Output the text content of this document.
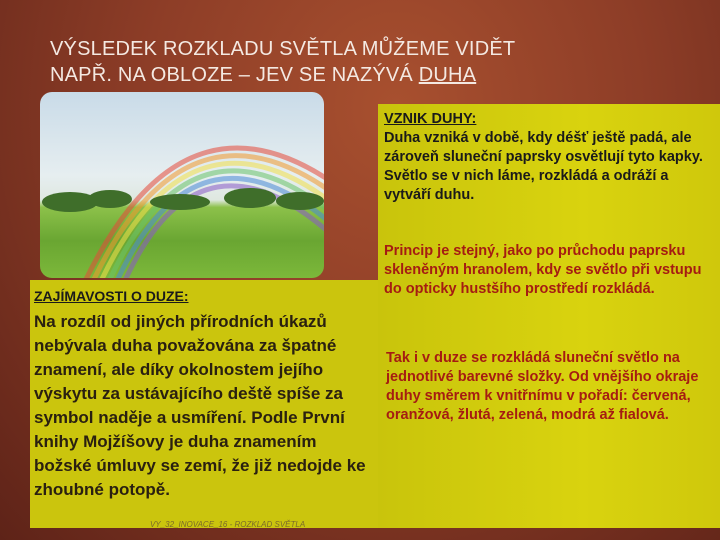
VÝSLEDEK ROZKLADU SVĚTLA MŮŽEME VIDĚT
NAPŘ. NA OBLOZE – JEV SE NAZÝVÁ DUHA
VZNIK DUHY:
Duha vzniká v době, kdy déšť ještě padá, ale zároveň sluneční paprsky osvětlují tyto kapky. Světlo se v nich láme, rozkládá a odráží a vytváří duhu.
Princip je stejný, jako po průchodu paprsku skleněným hranolem, kdy se světlo při vstupu do opticky hustšího prostředí rozkládá.
Tak i v duze se rozkládá sluneční světlo na jednotlivé barevné složky. Od vnějšího okraje duhy směrem k vnitřnímu v pořadí: červená, oranžová, žlutá, zelená, modrá až fialová.
ZAJÍMAVOSTI O DUZE:
Na rozdíl od jiných přírodních úkazů nebývala duha považována za špatné znamení, ale díky okolnostem jejího výskytu za ustávajícího deště spíše za symbol naděje a usmíření. Podle První knihy Mojžíšovy je duha znamením božské úmluvy se zemí, že již nedojde ke zhoubné potopě.
VY_32_INOVACE_16 - ROZKLAD SVĚTLA
